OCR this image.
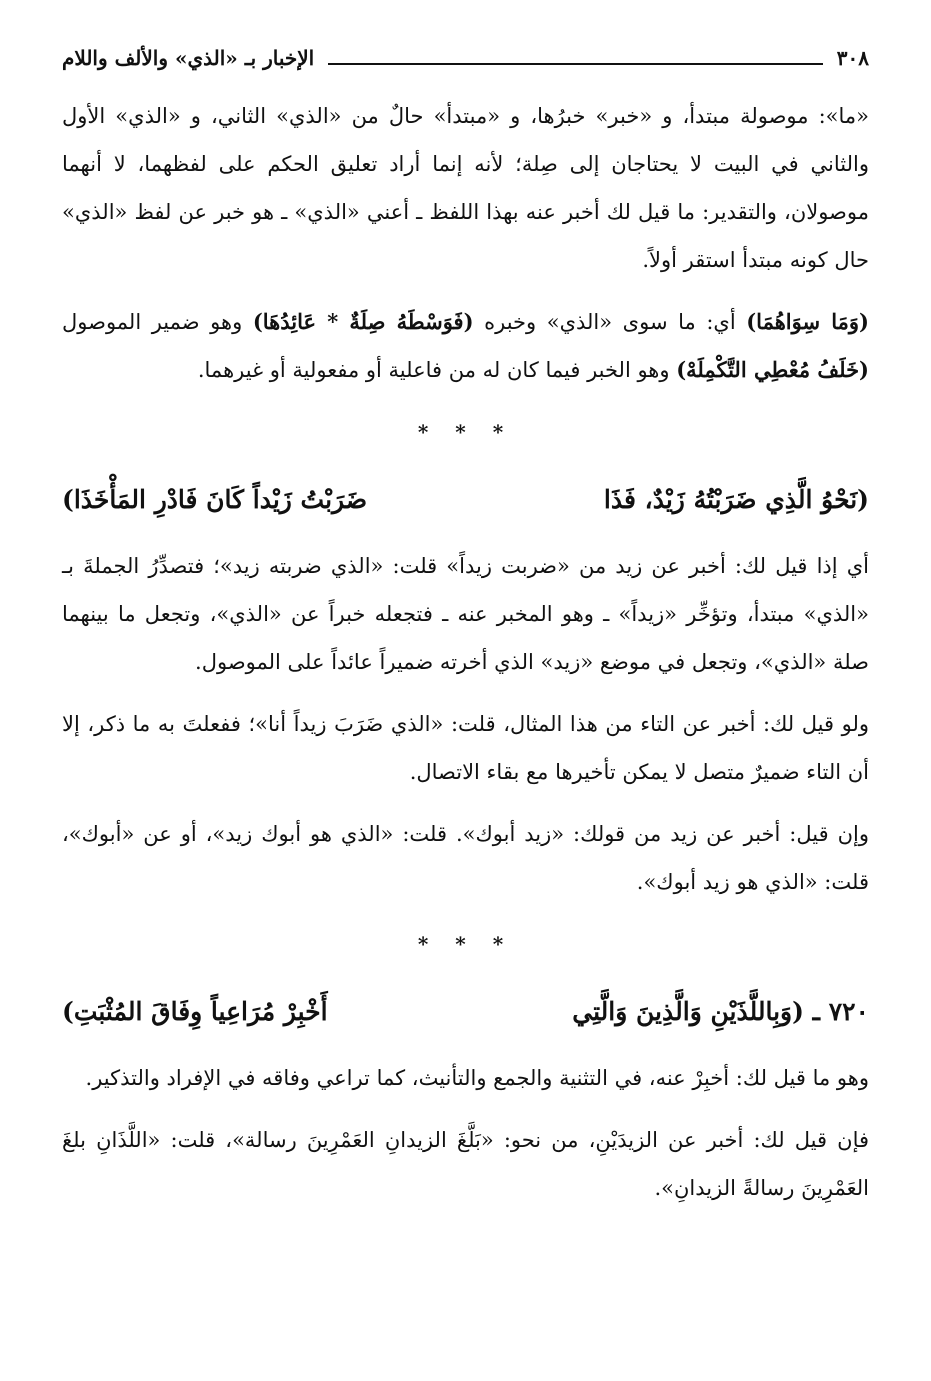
٣٠٨
الإخبار بـ «الذي» والألف واللام

«ما»: موصولة مبتدأ، و «خبر» خبرُها، و «مبتدأ» حالٌ من «الذي» الثاني، و «الذي» الأول والثاني في البيت لا يحتاجان إلى صِلة؛ لأنه إنما أراد تعليق الحكم على لفظهما، لا أنهما موصولان، والتقدير: ما قيل لك أخبر عنه بهذا اللفظ ـ أعني «الذي» ـ هو خبر عن لفظ «الذي» حال كونه مبتدأ استقر أولاً.

(وَمَا سِوَاهُمَا) أي: ما سوى «الذي» وخبره (فَوَسْطَهُ صِلَةٌ * عَائِدُهَا) وهو ضمير الموصول (خَلَفُ مُعْطِي التَّكْمِلَهْ) وهو الخبر فيما كان له من فاعلية أو مفعولية أو غيرهما.

* * *
(نَحْوُ الَّذِي ضَرَبْتُهُ زَيْدٌ، فَذَا
ضَرَبْتُ زَيْداً كَانَ فَادْرِ المَأْخَذَا)

أي إذا قيل لك: أخبر عن زيد من «ضربت زيداً» قلت: «الذي ضربته زيد»؛ فتصدِّرُ الجملةَ بـ «الذي» مبتدأ، وتؤخِّر «زيداً» ـ وهو المخبر عنه ـ فتجعله خبراً عن «الذي»، وتجعل ما بينهما صلة «الذي»، وتجعل في موضع «زيد» الذي أخرته ضميراً عائداً على الموصول.

ولو قيل لك: أخبر عن التاء من هذا المثال، قلت: «الذي ضَرَبَ زيداً أنا»؛ ففعلتَ به ما ذكر، إلا أن التاء ضميرٌ متصل لا يمكن تأخيرها مع بقاء الاتصال.

وإن قيل: أخبر عن زيد من قولك: «زيد أبوك». قلت: «الذي هو أبوك زيد»، أو عن «أبوك»، قلت: «الذي هو زيد أبوك».

* * *
٧٢٠ ـ (وَبِاللَّذَيْنِ وَالَّذِينَ وَالَّتِي
أَخْبِرْ مُرَاعِياً وِفَاقَ المُثْبَتِ)

وهو ما قيل لك: أخبِرْ عنه، في التثنية والجمع والتأنيث، كما تراعي وفاقه في الإفراد والتذكير.

فإن قيل لك: أخبر عن الزيدَيْنِ، من نحو: «بَلَّغَ الزيدانِ العَمْرِينَ رسالة»، قلت: «اللَّذَانِ بلغَ العَمْرِينَ رسالةً الزيدانِ».
